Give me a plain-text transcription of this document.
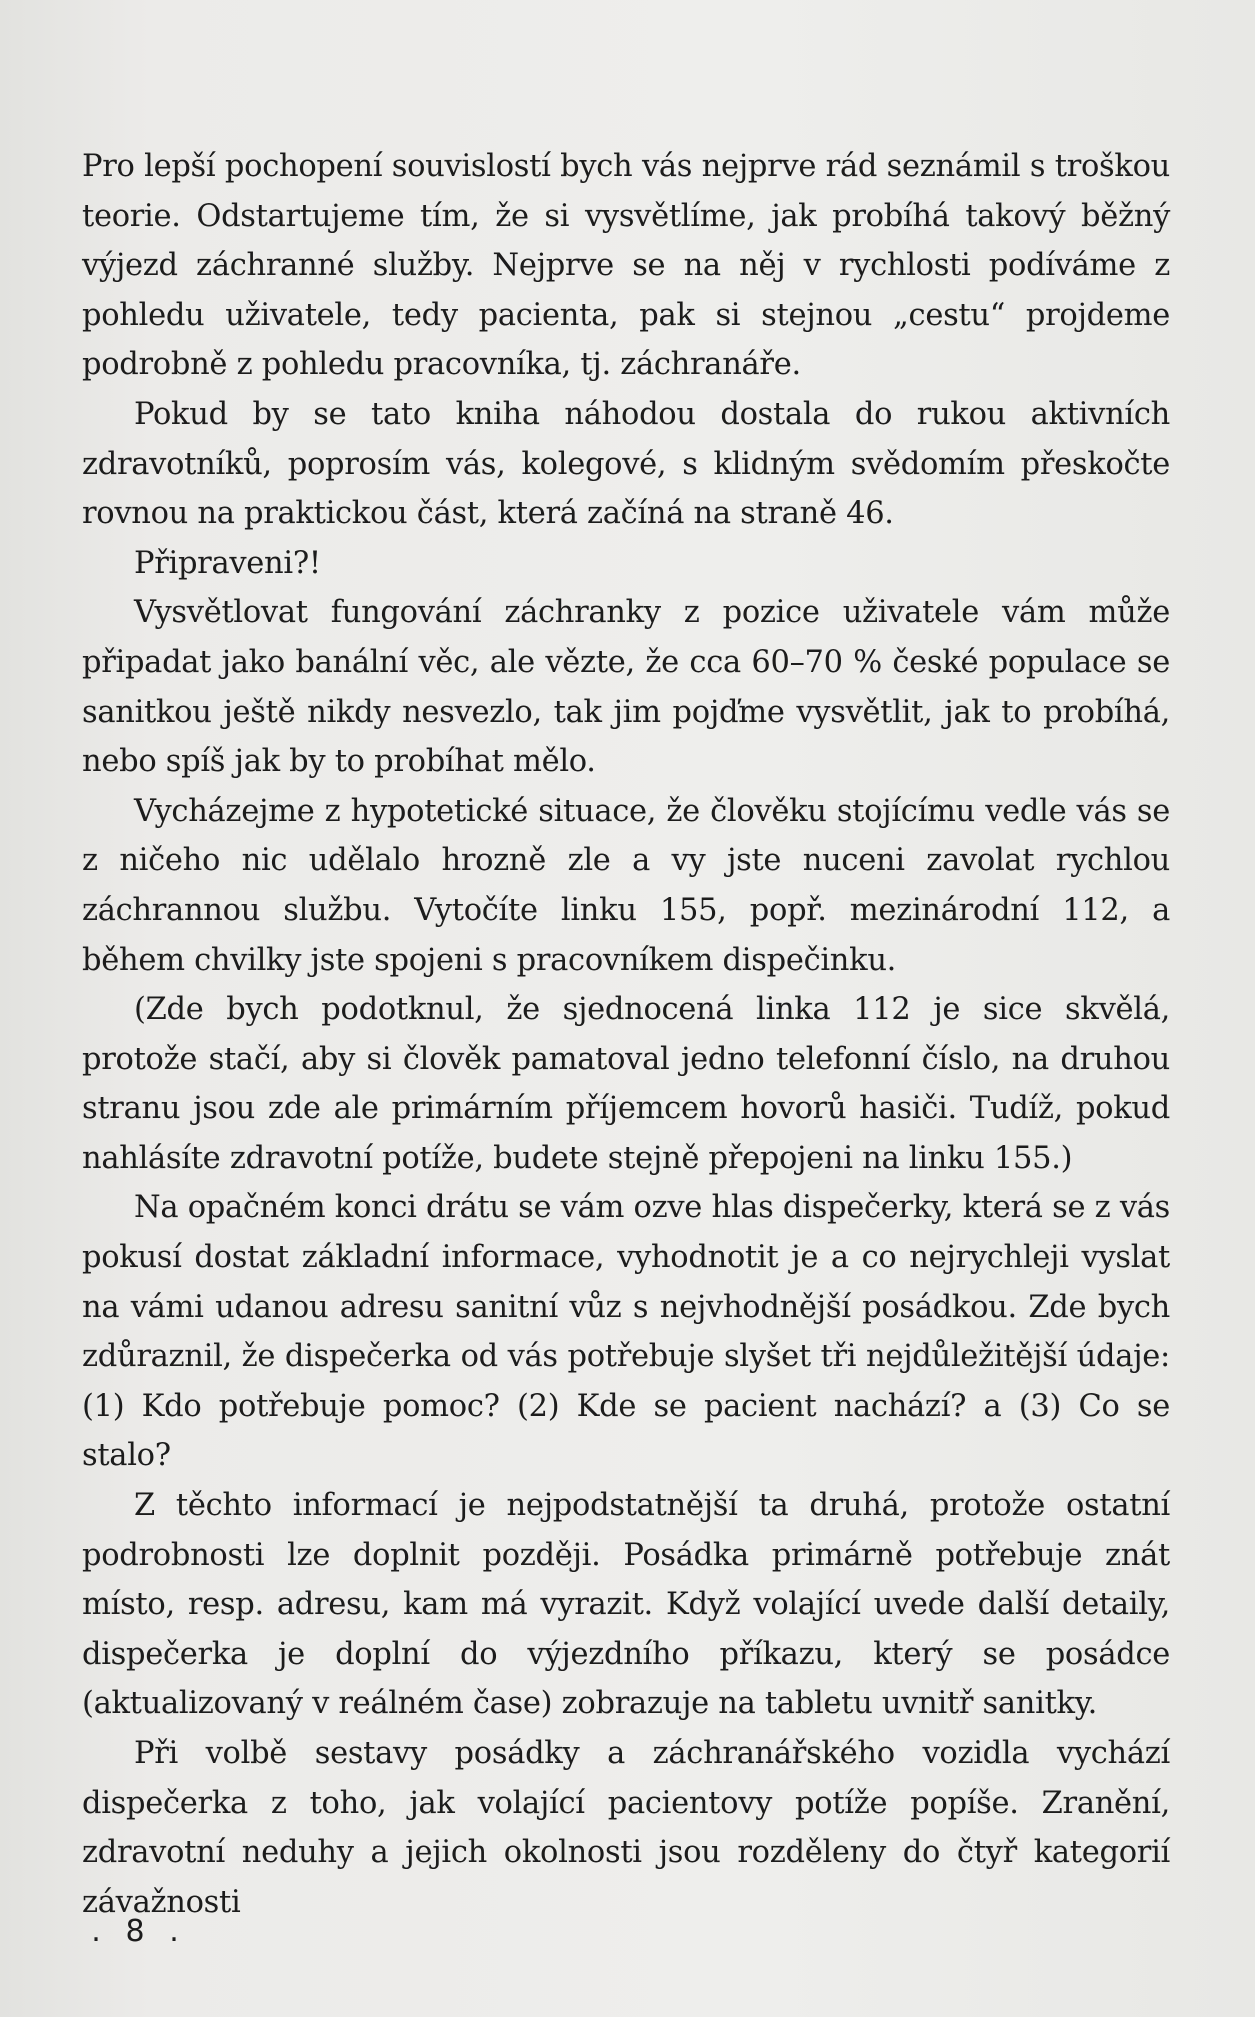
Pro lepší pochopení souvislostí bych vás nejprve rád seznámil s troškou teorie. Odstartujeme tím, že si vysvětlíme, jak probíhá takový běžný výjezd záchranné služby. Nejprve se na něj v rychlosti podíváme z pohledu uživatele, tedy pacienta, pak si stejnou „cestu“ projdeme podrobně z pohledu pracovníka, tj. záchranáře.

Pokud by se tato kniha náhodou dostala do rukou aktivních zdravotníků, poprosím vás, kolegové, s klidným svědomím přeskočte rovnou na praktickou část, která začíná na straně 46.

Připraveni?!

Vysvětlovat fungování záchranky z pozice uživatele vám může připadat jako banální věc, ale vězte, že cca 60–70 % české populace se sanitkou ještě nikdy nesvezlo, tak jim pojďme vysvětlit, jak to probíhá, nebo spíš jak by to probíhat mělo.

Vycházejme z hypotetické situace, že člověku stojícímu vedle vás se z ničeho nic udělalo hrozně zle a vy jste nuceni zavolat rychlou záchrannou službu. Vytočíte linku 155, popř. mezinárodní 112, a během chvilky jste spojeni s pracovníkem dispečinku.

(Zde bych podotknul, že sjednocená linka 112 je sice skvělá, protože stačí, aby si člověk pamatoval jedno telefonní číslo, na druhou stranu jsou zde ale primárním příjemcem hovorů hasiči. Tudíž, pokud nahlásíte zdravotní potíže, budete stejně přepojeni na linku 155.)

Na opačném konci drátu se vám ozve hlas dispečerky, která se z vás pokusí dostat základní informace, vyhodnotit je a co nejrychleji vyslat na vámi udanou adresu sanitní vůz s nejvhodnější posádkou. Zde bych zdůraznil, že dispečerka od vás potřebuje slyšet tři nejdůležitější údaje: (1) Kdo potřebuje pomoc? (2) Kde se pacient nachází? a (3) Co se stalo?

Z těchto informací je nejpodstatnější ta druhá, protože ostatní podrobnosti lze doplnit později. Posádka primárně potřebuje znát místo, resp. adresu, kam má vyrazit. Když volající uvede další detaily, dispečerka je doplní do výjezdního příkazu, který se posádce (aktualizovaný v reálném čase) zobrazuje na tabletu uvnitř sanitky.

Při volbě sestavy posádky a záchranářského vozidla vychází dispečerka z toho, jak volající pacientovy potíže popíše. Zranění, zdravotní neduhy a jejich okolnosti jsou rozděleny do čtyř kategorií závažnosti

. 8 .
